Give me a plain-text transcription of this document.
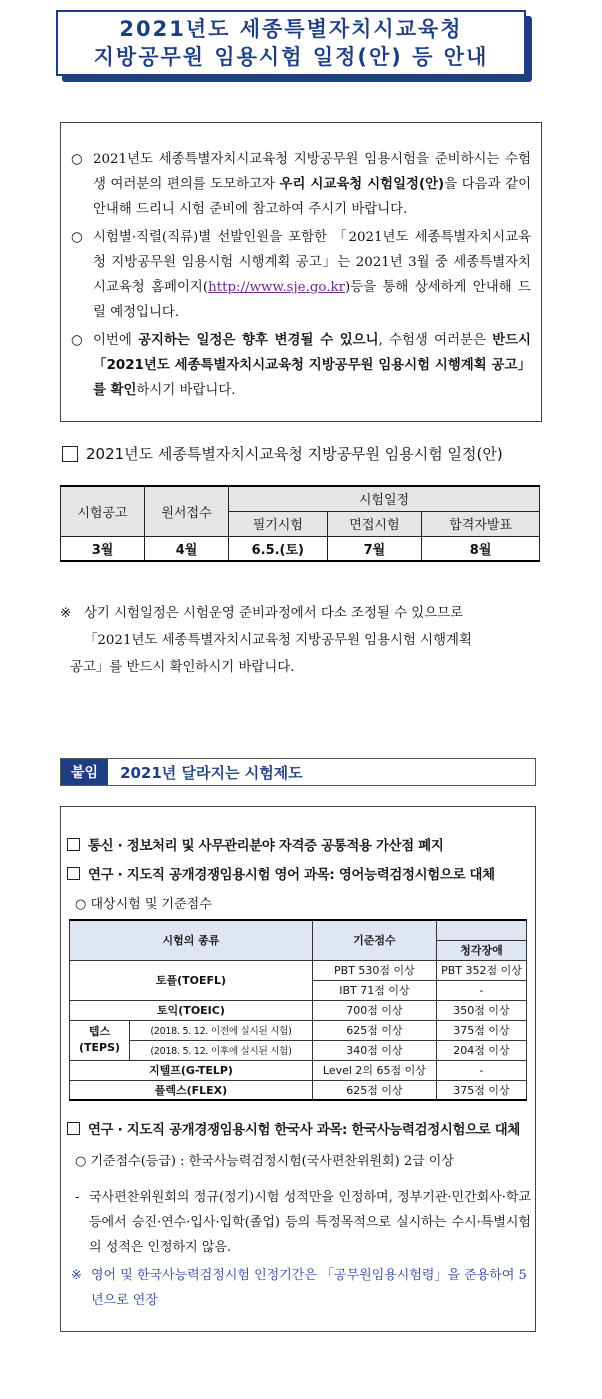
2021년도 세종특별자치시교육청
지방공무원 임용시험 일정(안) 등 안내
○ 2021년도 세종특별자치시교육청 지방공무원 임용시험을 준비하시는 수험생 여러분의 편의를 도모하고자 우리 시교육청 시험일정(안)을 다음과 같이 안내해 드리니 시험 준비에 참고하여 주시기 바랍니다.
○ 시험별·직렬(직류)별 선발인원을 포함한 「2021년도 세종특별자치시교육청 지방공무원 임용시험 시행계획 공고」는 2021년 3월 중 세종특별자치시교육청 홈페이지(http://www.sje.go.kr)등을 통해 상세하게 안내해 드릴 예정입니다.
○ 이번에 공지하는 일정은 향후 변경될 수 있으니, 수험생 여러분은 반드시「2021년도 세종특별자치시교육청 지방공무원 임용시험 시행계획 공고」를 확인하시기 바랍니다.
2021년도 세종특별자치시교육청 지방공무원 임용시험 일정(안)
시험공고	원서접수	시험일정		
		필기시험	면접시험	합격자발표
3월	4월	6.5.(토)	7월	8월
※ 상기 시험일정은 시험운영 준비과정에서 다소 조정될 수 있으므로
「2021년도 세종특별자치시교육청 지방공무원 임용시험 시행계획
공고」를 반드시 확인하시기 바랍니다.
붙임	2021년 달라지는 시험제도
통신 · 정보처리 및 사무관리분야 자격증 공통적용 가산점 폐지
연구 · 지도직 공개경쟁임용시험 영어 과목: 영어능력검정시험으로 대체
○ 대상시험 및 기준점수
시험의 종류		기준점수	
			청각장애
토플(TOEFL)		PBT 530점 이상	PBT 352점 이상
		IBT 71점 이상	-
토익(TOEIC)		700점 이상	350점 이상

텝스
(TEPS)	(2018. 5. 12. 이전에 실시된 시험)	625점 이상	375점 이상
	(2018. 5. 12. 이후에 실시된 시험)	340점 이상	204점 이상
지텔프(G-TELP)		Level 2의 65점 이상	-
플렉스(FLEX)		625점 이상	375점 이상
연구 · 지도직 공개경쟁임용시험 한국사 과목: 한국사능력검정시험으로 대체
○ 기준점수(등급) : 한국사능력검정시험(국사편찬위원회) 2급 이상
- 국사편찬위원회의 정규(정기)시험 성적만을 인정하며, 정부기관·민간회사·학교 등에서 승진·연수·입사·입학(졸업) 등의 특정목적으로 실시하는 수시·특별시험의 성적은 인정하지 않음.
※ 영어 및 한국사능력검정시험 인정기간은 「공무원임용시험령」을 준용하여 5년으로 연장
